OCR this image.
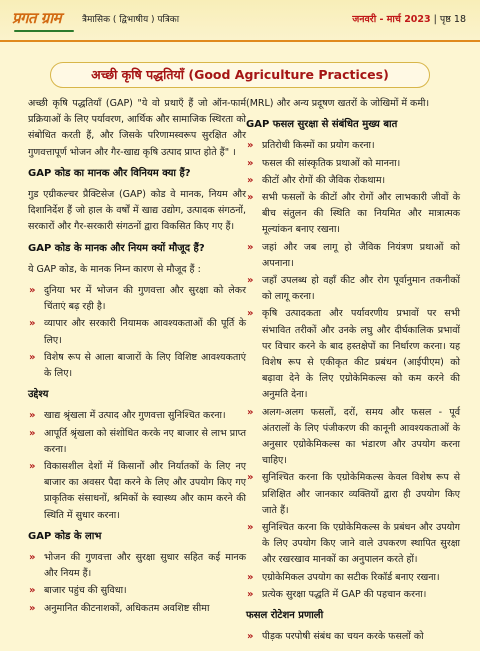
प्रगत ग्राम	त्रैमासिक ( द्विभाषीय ) पत्रिका	जनवरी - मार्च 2023 | पृष्ठ 18
अच्छी कृषि पद्धतियाँ (Good Agriculture Practices)

अच्छी कृषि पद्धतियाँ (GAP) "ये वो प्रथाएँ हैं जो ऑन-फार्म प्रक्रियाओं के लिए पर्यावरण, आर्थिक और सामाजिक स्थिरता को संबोधित करती हैं, और जिसके परिणामस्वरूप सुरक्षित और गुणवत्तापूर्ण भोजन और गैर-खाद्य कृषि उत्पाद प्राप्त होते हैं" ।

GAP कोड का मानक और विनियम क्या हैं?

गुड एग्रीकल्चर प्रैक्टिसेज (GAP) कोड वे मानक, नियम और दिशानिर्देश हैं जो हाल के वर्षों में खाद्य उद्योग, उत्पादक संगठनों, सरकारों और गैर-सरकारी संगठनों द्वारा विकसित किए गए हैं।

GAP कोड के मानक और नियम क्यों मौजूद हैं?

ये GAP कोड, के मानक निम्न कारण से मौजूद हैं :

» दुनिया भर में भोजन की गुणवत्ता और सुरक्षा को लेकर चिंताएं बढ़ रही है।
» व्यापार और सरकारी नियामक आवश्यकताओं की पूर्ति के लिए।
» विशेष रूप से आला बाजारों के लिए विशिष्ट आवश्यकताएं के लिए।
उद्देश्य
» खाद्य श्रृंखला में उत्पाद और गुणवत्ता सुनिश्चित करना।
» आपूर्ति श्रृंखला को संशोधित करके नए बाजार से लाभ प्राप्त करना।
» विकासशील देशों में किसानों और निर्यातकों के लिए नए बाजार का अवसर पैदा करने के लिए और उपयोग किए गए प्राकृतिक संसाधनों, श्रमिकों के स्वास्थ्य और काम करने की स्थिति में सुधार करना।
GAP कोड के लाभ
» भोजन की गुणवत्ता और सुरक्षा सुधार सहित कई मानक और नियम हैं।
» बाजार पहुंच की सुविधा।
» अनुमानित कीटनाशकों, अधिकतम अवशिष्ट सीमा

(MRL) और अन्य प्रदूषण खतरों के जोखिमों में कमी।

GAP फसल सुरक्षा से संबंधित मुख्य बात
» प्रतिरोधी किस्मों का प्रयोग करना।
» फसल की सांस्कृतिक प्रथाओं को मानना।
» कीटों और रोगों की जैविक रोकथाम।
» सभी फसलों के कीटों और रोगों और लाभकारी जीवों के बीच संतुलन की स्थिति का नियमित और मात्रात्मक मूल्यांकन बनाए रखना।
» जहां और जब लागू हो जैविक नियंत्रण प्रथाओं को अपनाना।
» जहाँ उपलब्ध हो वहाँ कीट और रोग पूर्वानुमान तकनीकों को लागू करना।
» कृषि उत्पादकता और पर्यावरणीय प्रभावों पर सभी संभावित तरीकों और उनके लघु और दीर्घकालिक प्रभावों पर विचार करने के बाद हस्तक्षेपों का निर्धारण करना। यह विशेष रूप से एकीकृत कीट प्रबंधन (आईपीएम) को बढ़ावा देने के लिए एग्रोकेमिकल्स को कम करने की अनुमति देना।
» अलग-अलग फसलों, दरों, समय और फसल - पूर्व अंतरालों के लिए पंजीकरण की कानूनी आवश्यकताओं के अनुसार एग्रोकेमिकल्स का भंडारण और उपयोग करना चाहिए।
» सुनिश्चित करना कि एग्रोकेमिकल्स केवल विशेष रूप से प्रशिक्षित और जानकार व्यक्तियों द्वारा ही उपयोग किए जाते हैं।
» सुनिश्चित करना कि एग्रोकेमिकल्स के प्रबंधन और उपयोग के लिए उपयोग किए जाने वाले उपकरण स्थापित सुरक्षा और रखरखाव मानकों का अनुपालन करते हों।
» एग्रोकेमिकल उपयोग का सटीक रिकॉर्ड बनाए रखना।
» प्रत्येक सुरक्षा पद्धति में GAP की पहचान करना।
फसल रोटेशन प्रणाली
» पीड़क परपोषी संबंध का चयन करके फसलों को
